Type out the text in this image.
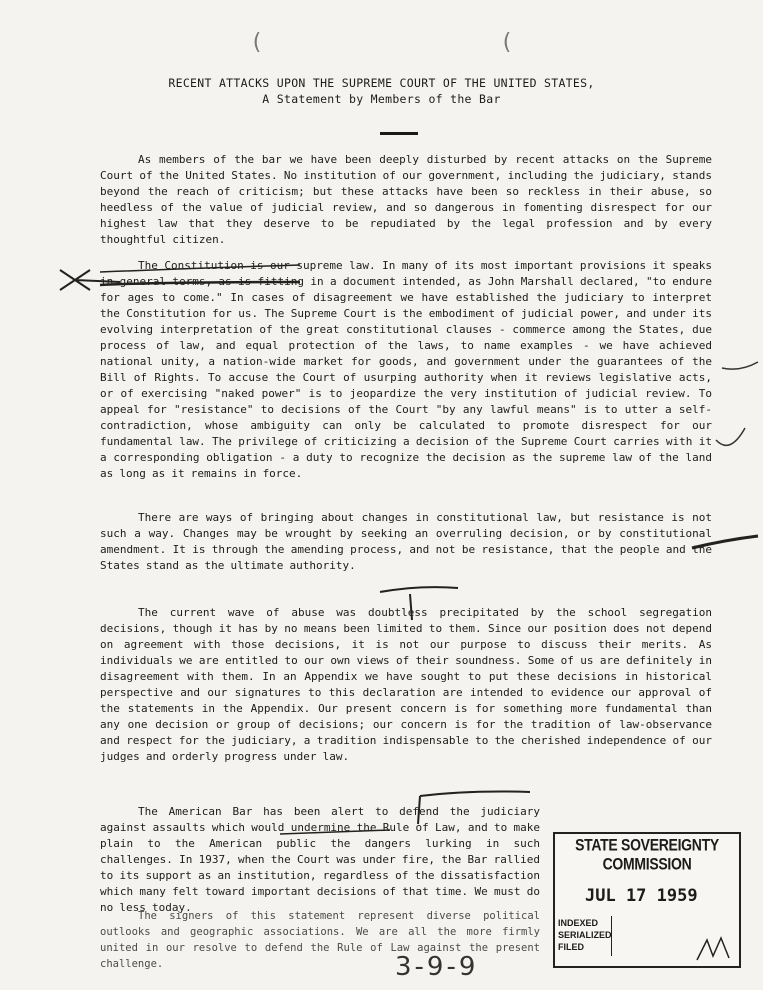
(	(
RECENT ATTACKS UPON THE SUPREME COURT OF THE UNITED STATES,
A Statement by Members of the Bar

As members of the bar we have been deeply disturbed by recent attacks on the Supreme Court of the United States. No institution of our government, including the judiciary, stands beyond the reach of criticism; but these attacks have been so reckless in their abuse, so heedless of the value of judicial review, and so dangerous in fomenting disrespect for our highest law that they deserve to be repudiated by the legal profession and by every thoughtful citizen.

The Constitution is our supreme law. In many of its most important provisions it speaks in general terms, as is fitting in a document intended, as John Marshall declared, "to endure for ages to come." In cases of disagreement we have established the judiciary to interpret the Constitution for us. The Supreme Court is the embodiment of judicial power, and under its evolving interpretation of the great constitutional clauses - commerce among the States, due process of law, and equal protection of the laws, to name examples - we have achieved national unity, a nation-wide market for goods, and government under the guarantees of the Bill of Rights. To accuse the Court of usurping authority when it reviews legislative acts, or of exercising "naked power" is to jeopardize the very institution of judicial review. To appeal for "resistance" to decisions of the Court "by any lawful means" is to utter a self-contradiction, whose ambiguity can only be calculated to promote disrespect for our fundamental law. The privilege of criticizing a decision of the Supreme Court carries with it a corresponding obligation - a duty to recognize the decision as the supreme law of the land as long as it remains in force.

There are ways of bringing about changes in constitutional law, but resistance is not such a way. Changes may be wrought by seeking an overruling decision, or by constitutional amendment. It is through the amending process, and not be resistance, that the people and the States stand as the ultimate authority.

The current wave of abuse was doubtless precipitated by the school segregation decisions, though it has by no means been limited to them. Since our position does not depend on agreement with those decisions, it is not our purpose to discuss their merits. As individuals we are entitled to our own views of their soundness. Some of us are definitely in disagreement with them. In an Appendix we have sought to put these decisions in historical perspective and our signatures to this declaration are intended to evidence our approval of the statements in the Appendix. Our present concern is for something more fundamental than any one decision or group of decisions; our concern is for the tradition of law-observance and respect for the judiciary, a tradition indispensable to the cherished independence of our judges and orderly progress under law.

The American Bar has been alert to defend the judiciary against assaults which would undermine the Rule of Law, and to make plain to the American public the dangers lurking in such challenges. In 1937, when the Court was under fire, the Bar rallied to its support as an institution, regardless of the dissatisfaction which many felt toward important decisions of that time. We must do no less today.

The signers of this statement represent diverse political outlooks and geographic associations. We are all the more firmly united in our resolve to defend the Rule of Law against the present challenge.	3-9-9
STATE SOVEREIGNTY COMMISSION
JUL 17 1959
INDEXED
SERIALIZED
FILED
